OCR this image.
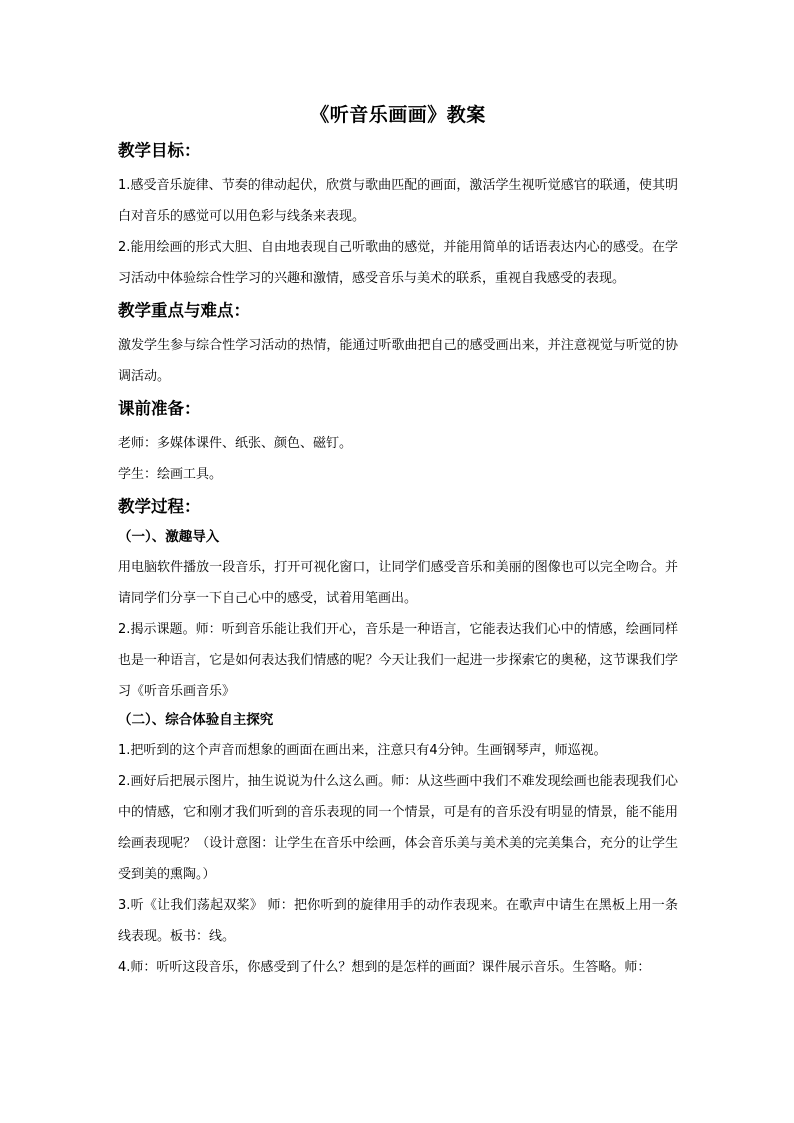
《听音乐画画》教案
教学目标：

1.感受音乐旋律、节奏的律动起伏，欣赏与歌曲匹配的画面，激活学生视听觉感官的联通，使其明白对音乐的感觉可以用色彩与线条来表现。

2.能用绘画的形式大胆、自由地表现自己听歌曲的感觉，并能用简单的话语表达内心的感受。在学习活动中体验综合性学习的兴趣和激情，感受音乐与美术的联系，重视自我感受的表现。

教学重点与难点：

激发学生参与综合性学习活动的热情，能通过听歌曲把自己的感受画出来，并注意视觉与听觉的协调活动。

课前准备：

老师：多媒体课件、纸张、颜色、磁钉。

学生：绘画工具。

教学过程：
（一）、激趣导入

用电脑软件播放一段音乐，打开可视化窗口，让同学们感受音乐和美丽的图像也可以完全吻合。并请同学们分享一下自己心中的感受，试着用笔画出。

2.揭示课题。师：听到音乐能让我们开心，音乐是一种语言，它能表达我们心中的情感，绘画同样也是一种语言，它是如何表达我们情感的呢？今天让我们一起进一步探索它的奥秘，这节课我们学习《听音乐画音乐》

（二）、综合体验自主探究

1.把听到的这个声音而想象的画面在画出来，注意只有4分钟。生画钢琴声，师巡视。

2.画好后把展示图片，抽生说说为什么这么画。师：从这些画中我们不难发现绘画也能表现我们心中的情感，它和刚才我们听到的音乐表现的同一个情景，可是有的音乐没有明显的情景，能不能用绘画表现呢？（设计意图：让学生在音乐中绘画，体会音乐美与美术美的完美集合，充分的让学生受到美的熏陶。）

3.听《让我们荡起双桨》 师：把你听到的旋律用手的动作表现来。在歌声中请生在黑板上用一条线表现。板书：线。

4.师：听听这段音乐，你感受到了什么？想到的是怎样的画面？课件展示音乐。生答略。师：
